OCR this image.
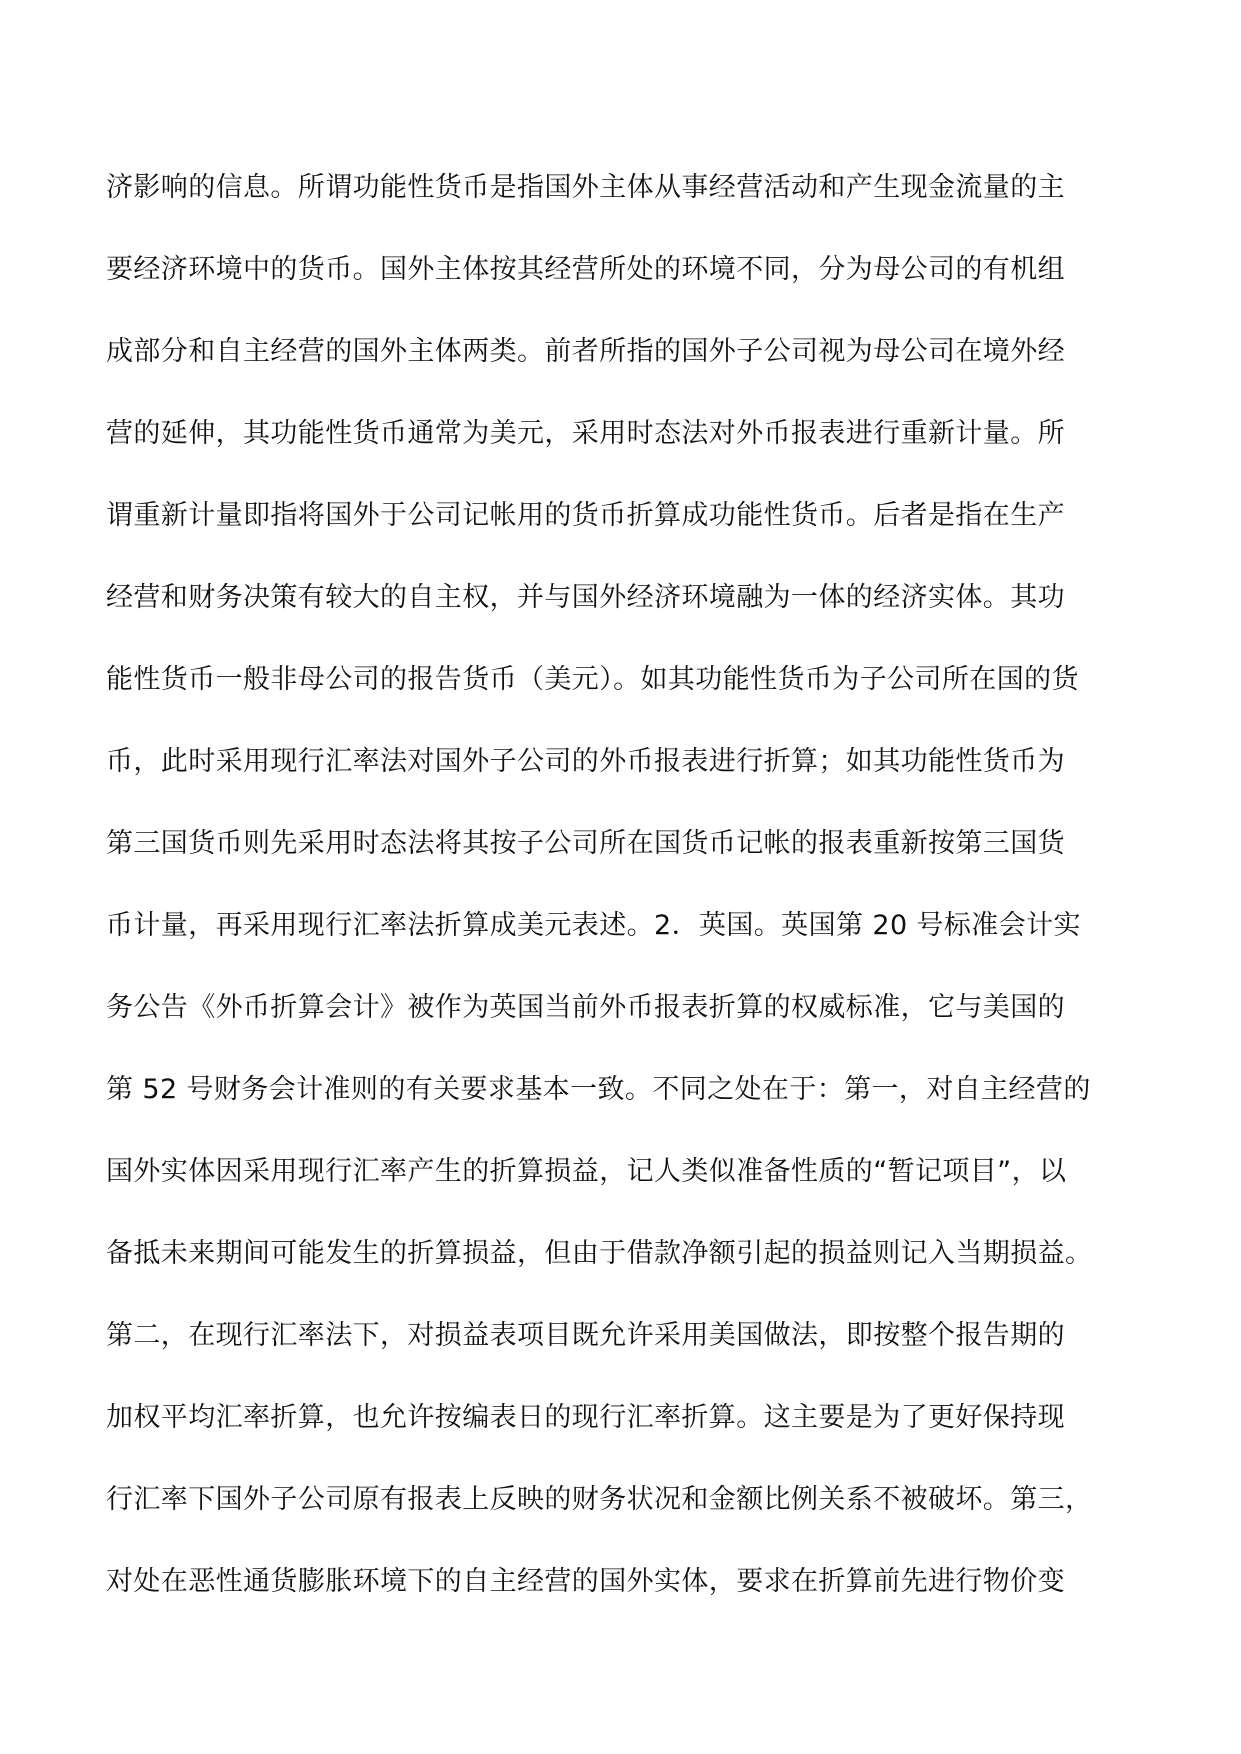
济影响的信息。所谓功能性货币是指国外主体从事经营活动和产生现金流量的主
要经济环境中的货币。国外主体按其经营所处的环境不同，分为母公司的有机组
成部分和自主经营的国外主体两类。前者所指的国外子公司视为母公司在境外经
营的延伸，其功能性货币通常为美元，采用时态法对外币报表进行重新计量。所
谓重新计量即指将国外于公司记帐用的货币折算成功能性货币。后者是指在生产
经营和财务决策有较大的自主权，并与国外经济环境融为一体的经济实体。其功
能性货币一般非母公司的报告货币（美元）。如其功能性货币为子公司所在国的货
币，此时采用现行汇率法对国外子公司的外币报表进行折算；如其功能性货币为
第三国货币则先采用时态法将其按子公司所在国货币记帐的报表重新按第三国货
币计量，再采用现行汇率法折算成美元表述。2．英国。英国第 20 号标准会计实
务公告《外币折算会计》被作为英国当前外币报表折算的权威标准，它与美国的
第 52 号财务会计准则的有关要求基本一致。不同之处在于：第一，对自主经营的
国外实体因采用现行汇率产生的折算损益，记人类似准备性质的“暂记项目”，以
备抵未来期间可能发生的折算损益，但由于借款净额引起的损益则记入当期损益。
第二，在现行汇率法下，对损益表项目既允许采用美国做法，即按整个报告期的
加权平均汇率折算，也允许按编表日的现行汇率折算。这主要是为了更好保持现
行汇率下国外子公司原有报表上反映的财务状况和金额比例关系不被破坏。第三，
对处在恶性通货膨胀环境下的自主经营的国外实体，要求在折算前先进行物价变
